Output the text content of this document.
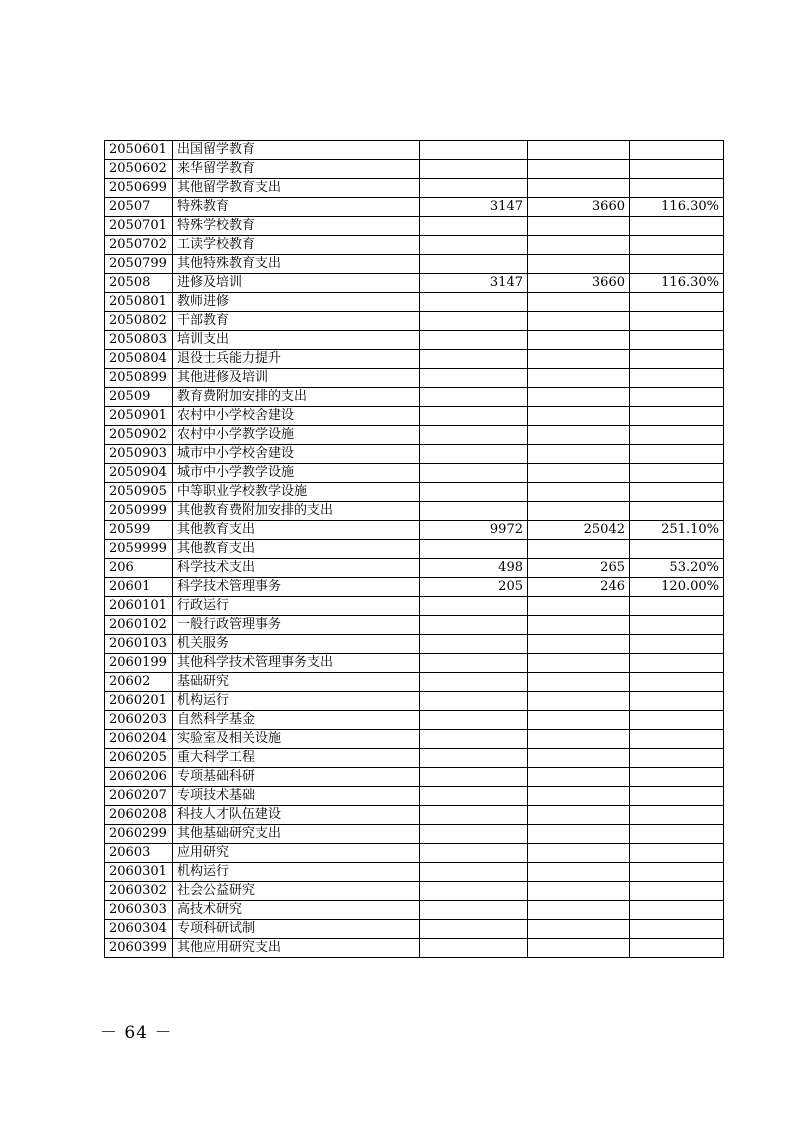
2050601	出国留学教育			
2050602	来华留学教育			
2050699	其他留学教育支出			
20507	特殊教育	3147	3660	116.30%
2050701	特殊学校教育			
2050702	工读学校教育			
2050799	其他特殊教育支出			
20508	进修及培训	3147	3660	116.30%
2050801	教师进修			
2050802	干部教育			
2050803	培训支出			
2050804	退役士兵能力提升			
2050899	其他进修及培训			
20509	教育费附加安排的支出			
2050901	农村中小学校舍建设			
2050902	农村中小学教学设施			
2050903	城市中小学校舍建设			
2050904	城市中小学教学设施			
2050905	中等职业学校教学设施			
2050999	其他教育费附加安排的支出			
20599	其他教育支出	9972	25042	251.10%
2059999	其他教育支出			
206	科学技术支出	498	265	53.20%
20601	科学技术管理事务	205	246	120.00%
2060101	行政运行			
2060102	一般行政管理事务			
2060103	机关服务			
2060199	其他科学技术管理事务支出			
20602	基础研究			
2060201	机构运行			
2060203	自然科学基金			
2060204	实验室及相关设施			
2060205	重大科学工程			
2060206	专项基础科研			
2060207	专项技术基础			
2060208	科技人才队伍建设			
2060299	其他基础研究支出			
20603	应用研究			
2060301	机构运行			
2060302	社会公益研究			
2060303	高技术研究			
2060304	专项科研试制			
2060399	其他应用研究支出			
－ 64 －
